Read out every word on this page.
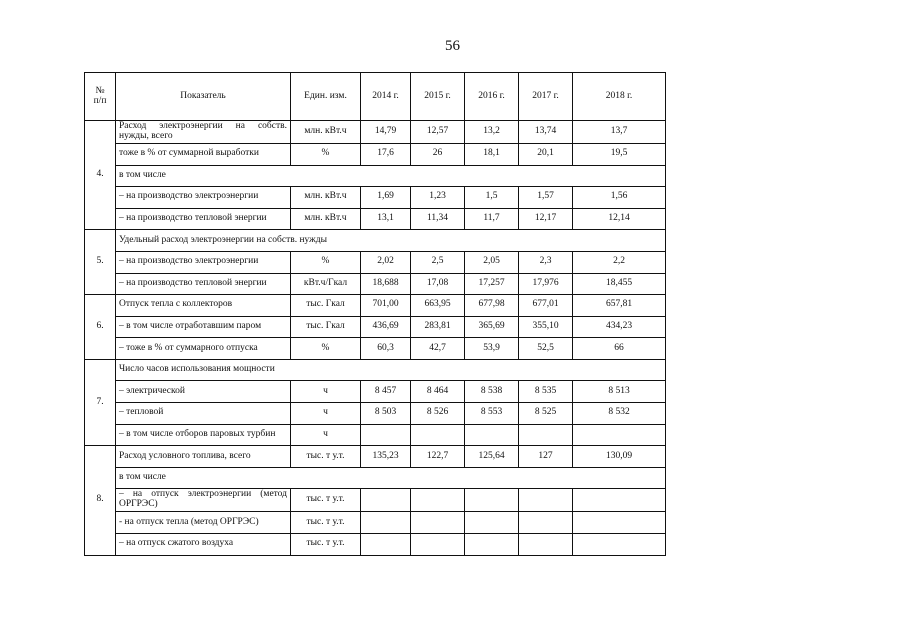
56
№
п/п	Показатель	Един. изм.	2014 г.	2015 г.	2016 г.	2017 г.	2018 г.
4.	Расход электроэнергии на собств. нужды, всего	млн. кВт.ч	14,79	12,57	13,2	13,74	13,7
	тоже в % от суммарной выработки	%	17,6	26	18,1	20,1	19,5
	в том числе						
	– на производство электроэнергии	млн. кВт.ч	1,69	1,23	1,5	1,57	1,56
	– на производство тепловой энергии	млн. кВт.ч	13,1	11,34	11,7	12,17	12,14
5.	Удельный расход электроэнергии на собств. нужды						
	– на производство электроэнергии	%	2,02	2,5	2,05	2,3	2,2
	– на производство тепловой энергии	кВт.ч/Гкал	18,688	17,08	17,257	17,976	18,455
6.	Отпуск тепла с коллекторов	тыс. Гкал	701,00	663,95	677,98	677,01	657,81
	– в том числе отработавшим паром	тыс. Гкал	436,69	283,81	365,69	355,10	434,23
	– тоже в % от суммарного отпуска	%	60,3	42,7	53,9	52,5	66
7.	Число часов использования мощности						
	– электрической	ч	8 457	8 464	8 538	8 535	8 513
	– тепловой	ч	8 503	8 526	8 553	8 525	8 532
	– в том числе отборов паровых турбин	ч					
8.	Расход условного топлива, всего	тыс. т у.т.	135,23	122,7	125,64	127	130,09
	в том числе						
	– на отпуск электроэнергии (метод ОРГРЭС)	тыс. т у.т.					
	- на отпуск тепла (метод ОРГРЭС)	тыс. т у.т.					
	– на отпуск сжатого воздуха	тыс. т у.т.					
